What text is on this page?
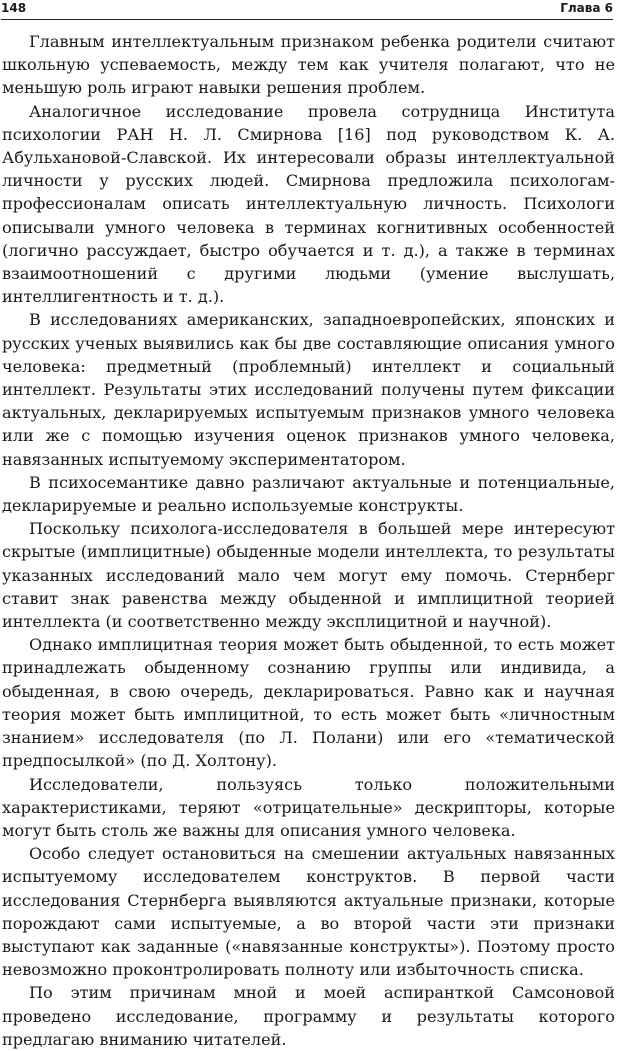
148	Глава 6

Главным интеллектуальным признаком ребенка родители считают школьную успеваемость, между тем как учителя полагают, что не меньшую роль играют навыки решения проблем.

Аналогичное исследование провела сотрудница Института психологии РАН Н. Л. Смирнова [16] под руководством К. А. Абульхановой-Славской. Их интересовали образы интеллектуальной личности у русских людей. Смирнова предложила психологам-профессионалам описать интеллектуальную личность. Психологи описывали умного человека в терминах когнитивных особенностей (логично рассуждает, быстро обучается и т. д.), а также в терминах взаимоотношений с другими людьми (умение выслушать, интеллигентность и т. д.).

В исследованиях американских, западноевропейских, японских и русских ученых выявились как бы две составляющие описания умного человека: предметный (проблемный) интеллект и социальный интеллект. Результаты этих исследований получены путем фиксации актуальных, декларируемых испытуемым признаков умного человека или же с помощью изучения оценок признаков умного человека, навязанных испытуемому экспериментатором.

В психосемантике давно различают актуальные и потенциальные, декларируемые и реально используемые конструкты.

Поскольку психолога-исследователя в большей мере интересуют скрытые (имплицитные) обыденные модели интеллекта, то результаты указанных исследований мало чем могут ему помочь. Стернберг ставит знак равенства между обыденной и имплицитной теорией интеллекта (и соответственно между эксплицитной и научной).

Однако имплицитная теория может быть обыденной, то есть может принадлежать обыденному сознанию группы или индивида, а обыденная, в свою очередь, декларироваться. Равно как и научная теория может быть имплицитной, то есть может быть «личностным знанием» исследователя (по Л. Полани) или его «тематической предпосылкой» (по Д. Холтону).

Исследователи, пользуясь только положительными характеристиками, теряют «отрицательные» дескрипторы, которые могут быть столь же важны для описания умного человека.

Особо следует остановиться на смешении актуальных навязанных испытуемому исследователем конструктов. В первой части исследования Стернберга выявляются актуальные признаки, которые порождают сами испытуемые, а во второй части эти признаки выступают как заданные («навязанные конструкты»). Поэтому просто невозможно проконтролировать полноту или избыточность списка.

По этим причинам мной и моей аспиранткой Самсоновой проведено исследование, программу и результаты которого предлагаю вниманию читателей.
